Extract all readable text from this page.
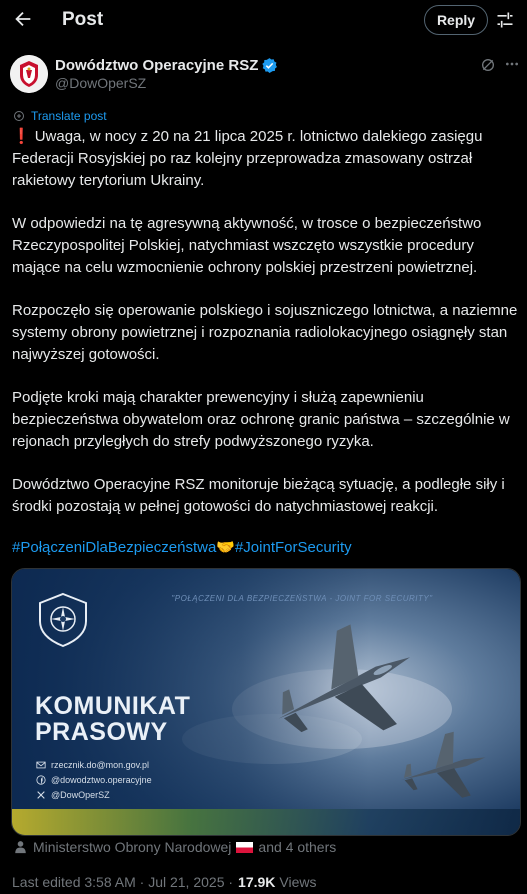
Post	Reply
Dowództwo Operacyjne RSZ
@DowOperSZ
Translate post
❗ Uwaga, w nocy z 20 na 21 lipca 2025 r. lotnictwo dalekiego zasięgu Federacji Rosyjskiej po raz kolejny przeprowadza zmasowany ostrzał rakietowy terytorium Ukrainy.
W odpowiedzi na tę agresywną aktywność, w trosce o bezpieczeństwo Rzeczypospolitej Polskiej, natychmiast wszczęto wszystkie procedury mające na celu wzmocnienie ochrony polskiej przestrzeni powietrznej.
Rozpoczęło się operowanie polskiego i sojuszniczego lotnictwa, a naziemne systemy obrony powietrznej i rozpoznania radiolokacyjnego osiągnęły stan najwyższej gotowości.
Podjęte kroki mają charakter prewencyjny i służą zapewnieniu bezpieczeństwa obywatelom oraz ochronę granic państwa – szczególnie w rejonach przyległych do strefy podwyższonego ryzyka.
Dowództwo Operacyjne RSZ monitoruje bieżącą sytuację, a podległe siły i środki pozostają w pełnej gotowości do natychmiastowej reakcji.
#PołączeniDlaBezpieczeństwa🤝#JointForSecurity
"POŁĄCZENI DLA BEZPIECZEŃSTWA - JOINT FOR SECURITY"
KOMUNIKAT
PRASOWY
rzecznik.do@mon.gov.pl
@dowodztwo.operacyjne
@DowOperSZ
Ministerstwo Obrony Narodowej and 4 others
Last edited 3:58 AM · Jul 21, 2025 · 17.9K Views
